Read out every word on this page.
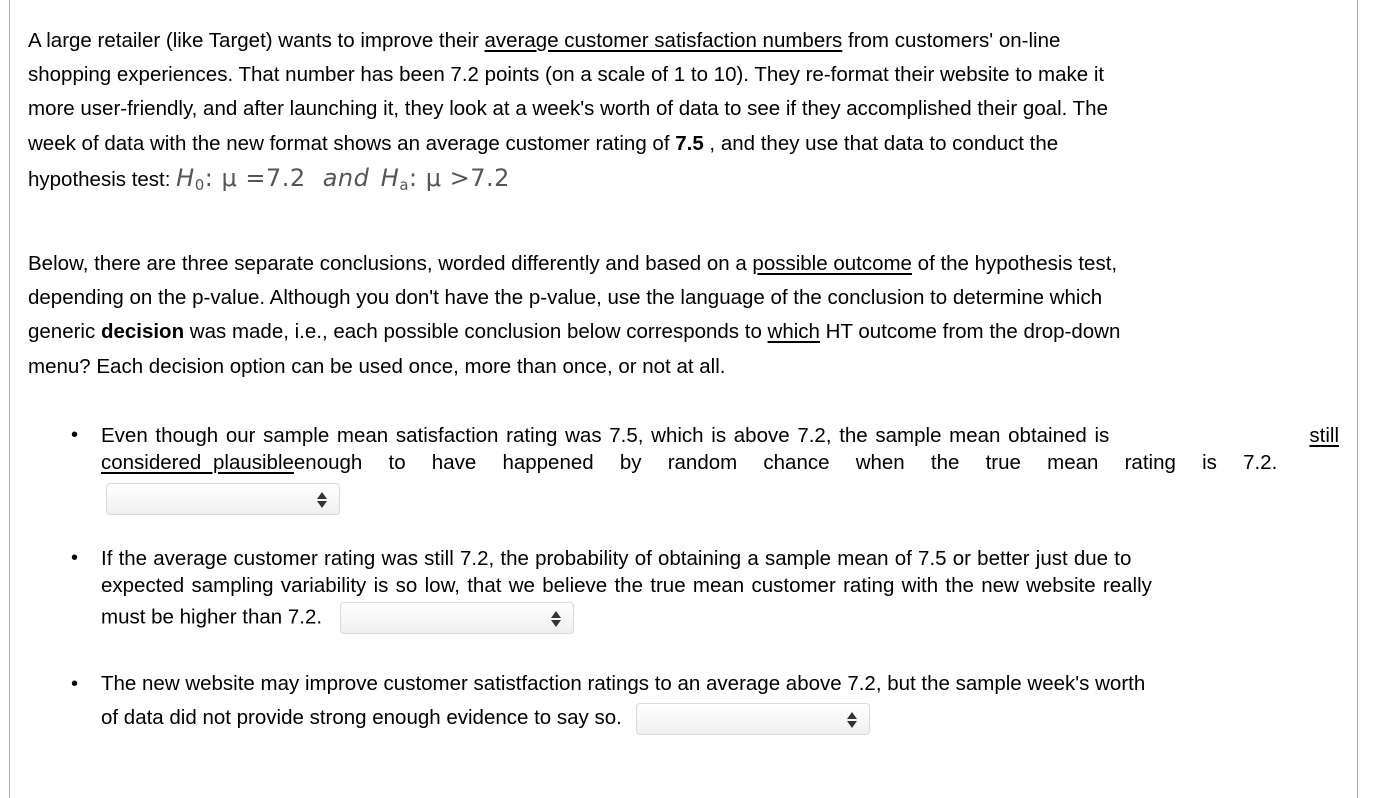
A large retailer (like Target) wants to improve their average customer satisfaction numbers from customers' on-line
shopping experiences. That number has been 7.2 points (on a scale of 1 to 10). They re-format their website to make it
more user-friendly, and after launching it, they look at a week's worth of data to see if they accomplished their goal. The
week of data with the new format shows an average customer rating of 7.5 , and they use that data to conduct the
hypothesis test: $H_0$: μ =7.2 and $H_a$: μ >7.2
Below, there are three separate conclusions, worded differently and based on a possible outcome of the hypothesis test,
depending on the p-value. Although you don't have the p-value, use the language of the conclusion to determine which
generic decision was made, i.e., each possible conclusion below corresponds to which HT outcome from the drop-down
menu? Each decision option can be used once, more than once, or not at all.
• Even though our sample mean satisfaction rating was 7.5, which is above 7.2, the sample mean obtained is	still
considered plausibleenough to have happened by random chance when the true mean rating is 7.2.
• If the average customer rating was still 7.2, the probability of obtaining a sample mean of 7.5 or better just due to
expected sampling variability is so low, that we believe the true mean customer rating with the new website really
must be higher than 7.2.
• The new website may improve customer satistfaction ratings to an average above 7.2, but the sample week's worth
of data did not provide strong enough evidence to say so.
